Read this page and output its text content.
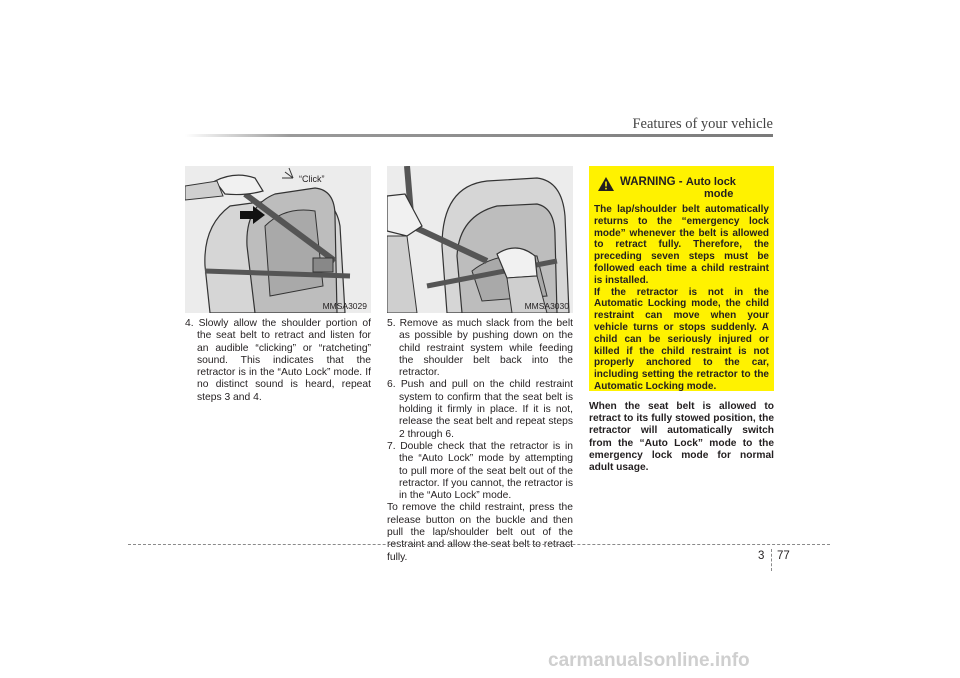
Features of your vehicle
“Click”
MMSA3029	MMSA3030

4. Slowly allow the shoulder portion of the seat belt to retract and listen for an audible “clicking” or “ratcheting” sound. This indicates that the retractor is in the “Auto Lock” mode. If no distinct sound is heard, repeat steps 3 and 4.

5. Remove as much slack from the belt as possible by pushing down on the child restraint system while feeding the shoulder belt back into the retractor.

6. Push and pull on the child restraint system to confirm that the seat belt is holding it firmly in place. If it is not, release the seat belt and repeat steps 2 through 6.

7. Double check that the retractor is in the “Auto Lock” mode by attempting to pull more of the seat belt out of the retractor. If you cannot, the retractor is in the “Auto Lock” mode.

To remove the child restraint, press the release button on the buckle and then pull the lap/shoulder belt out of the restraint and allow the seat belt to retract fully.

WARNING - Auto lock
mode

The lap/shoulder belt automatically returns to the “emergency lock mode” whenever the belt is allowed to retract fully. Therefore, the preceding seven steps must be followed each time a child restraint is installed.

If the retractor is not in the Automatic Locking mode, the child restraint can move when your vehicle turns or stops suddenly. A child can be seriously injured or killed if the child restraint is not properly anchored to the car, including setting the retractor to the Automatic Locking mode.

When the seat belt is allowed to retract to its fully stowed position, the retractor will automatically switch from the “Auto Lock” mode to the emergency lock mode for normal adult usage.

3 77
carmanualsonline.info
